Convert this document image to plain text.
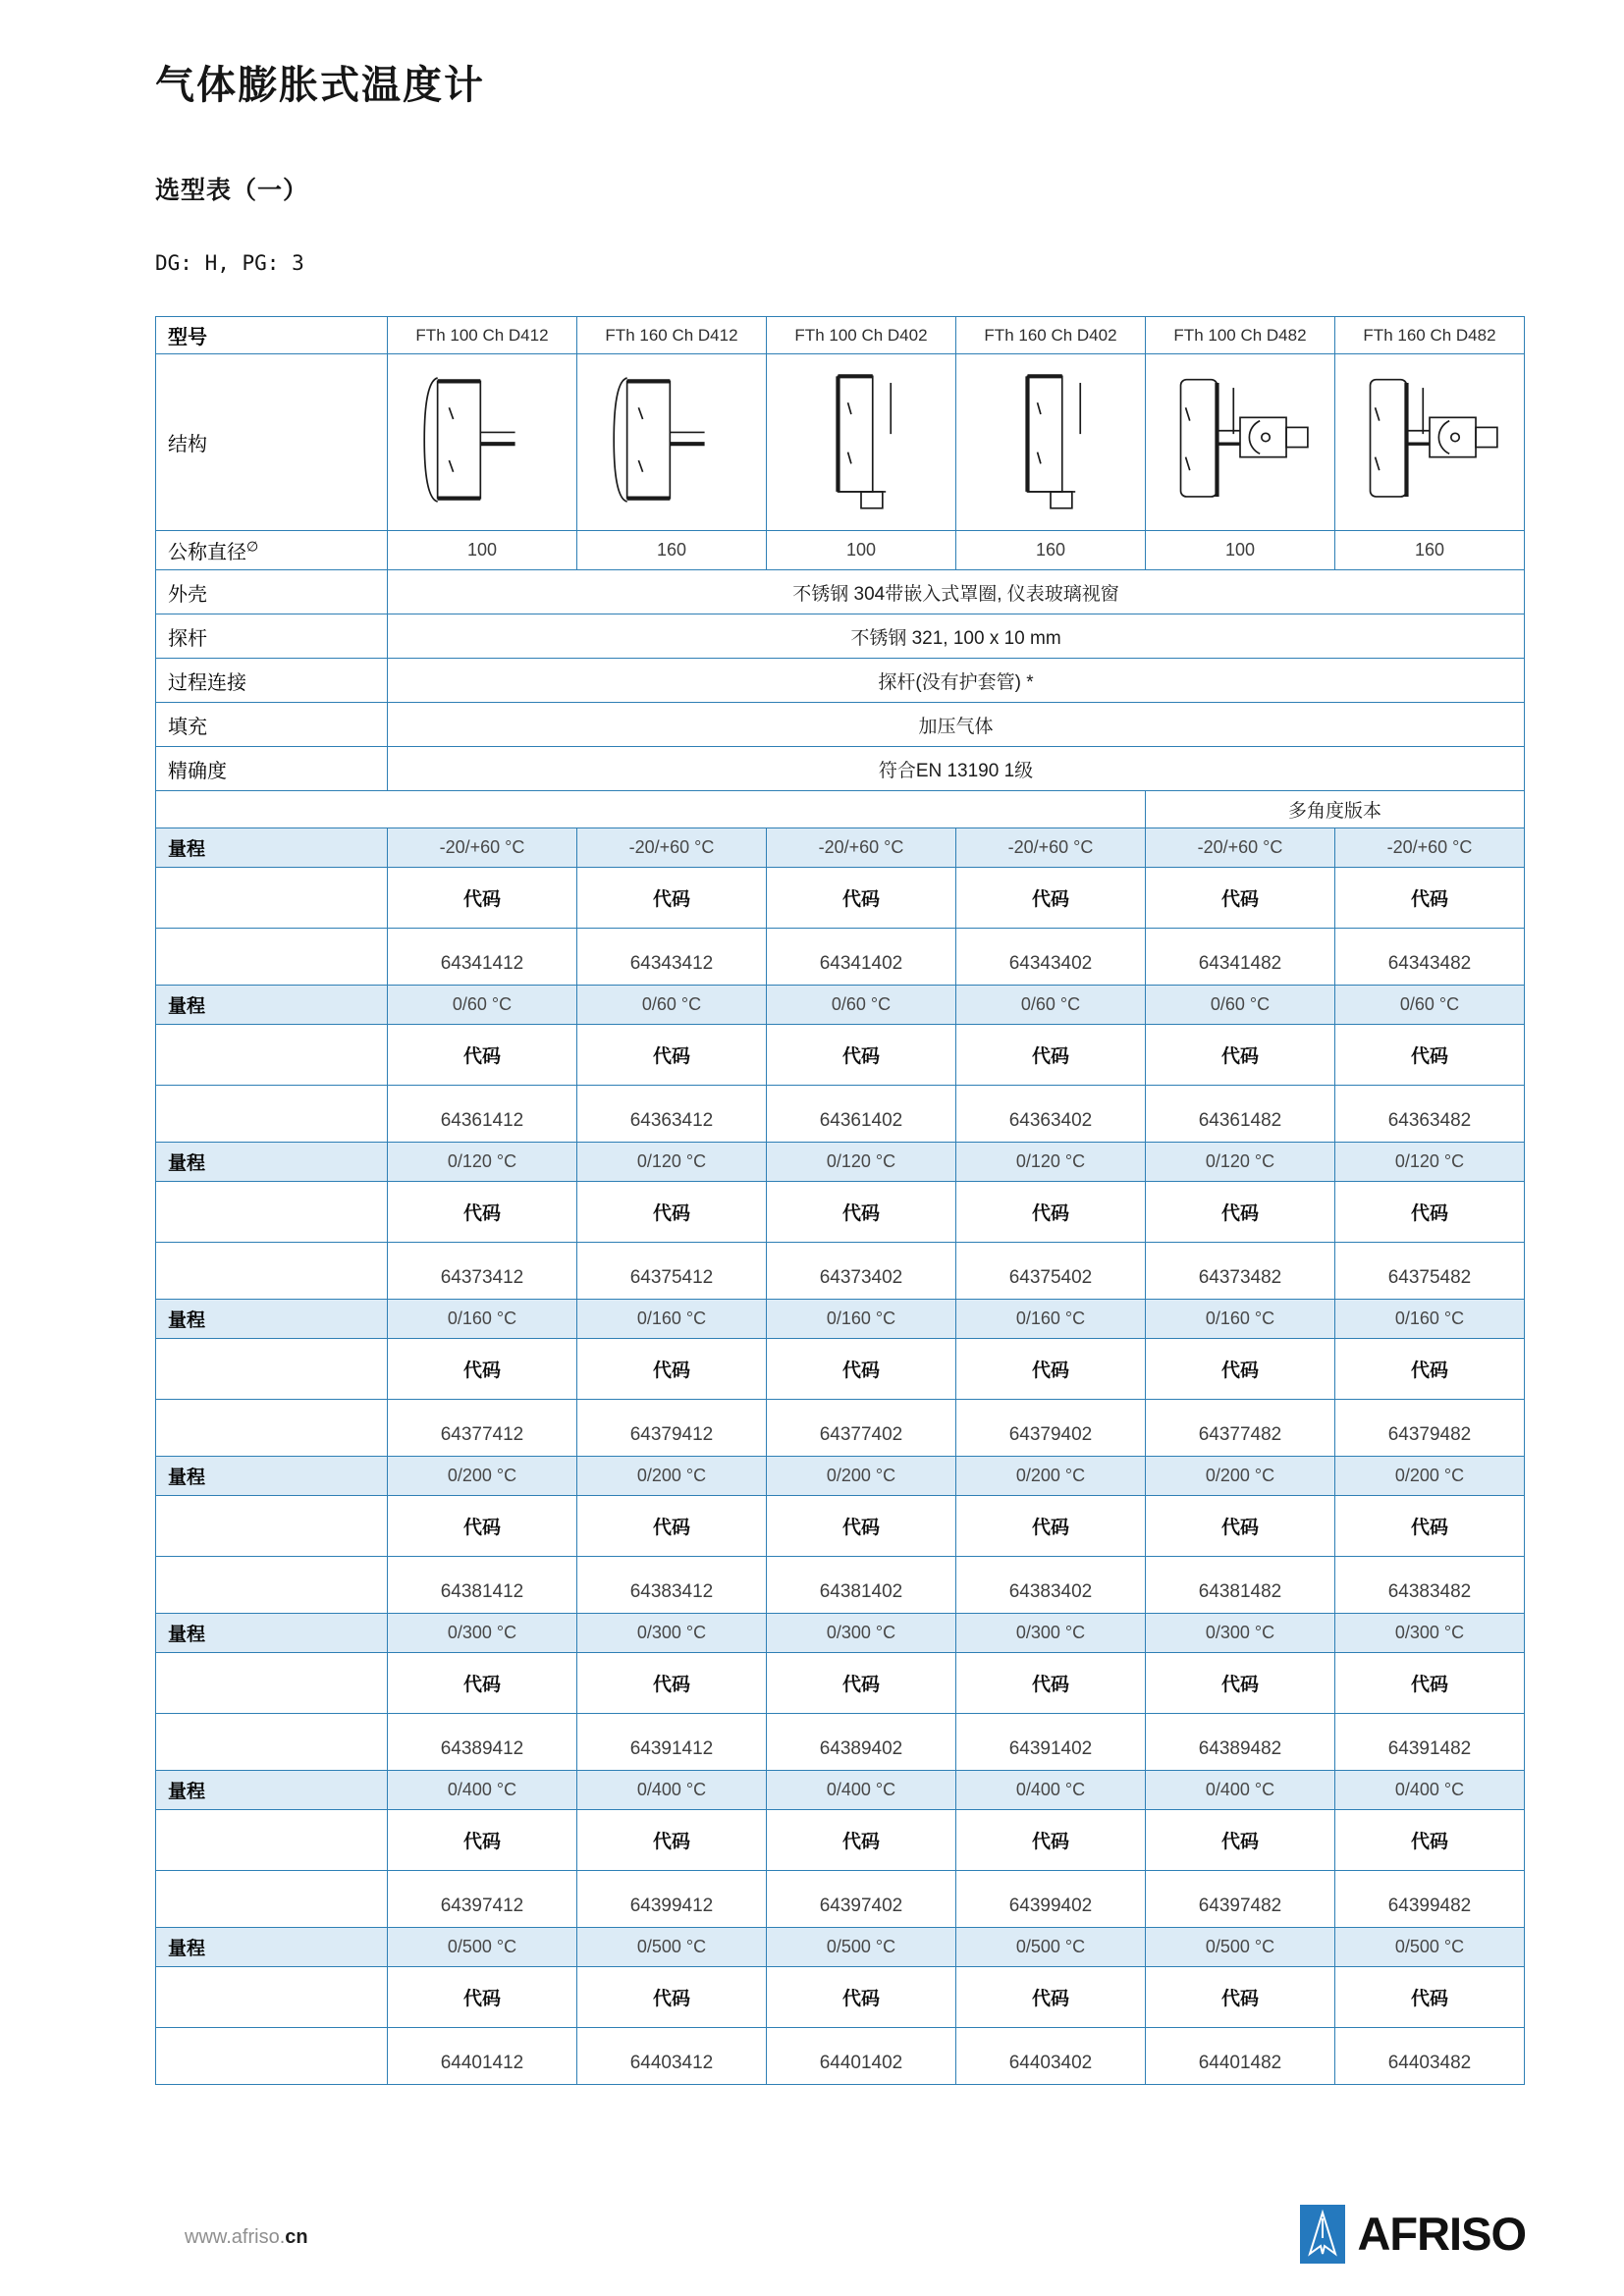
气体膨胀式温度计
选型表（一）
DG: H, PG: 3
型号	FTh 100 Ch D412	FTh 160 Ch D412	FTh 100 Ch D402	FTh 160 Ch D402	FTh 100 Ch D482	FTh 160 Ch D482
结构						
公称直径∅	100	160	100	160	100	160
外壳	不锈钢 304带嵌入式罩圈, 仪表玻璃视窗					
探杆	不锈钢 321, 100 x 10 mm					
过程连接	探杆(没有护套管) *					
填充	加压气体					
精确度	符合EN 13190 1级					
					多角度版本	
量程	-20/+60 °C	-20/+60 °C	-20/+60 °C	-20/+60 °C	-20/+60 °C	-20/+60 °C
	代码	代码	代码	代码	代码	代码
	64341412	64343412	64341402	64343402	64341482	64343482
量程	0/60 °C	0/60 °C	0/60 °C	0/60 °C	0/60 °C	0/60 °C
	代码	代码	代码	代码	代码	代码
	64361412	64363412	64361402	64363402	64361482	64363482
量程	0/120 °C	0/120 °C	0/120 °C	0/120 °C	0/120 °C	0/120 °C
	代码	代码	代码	代码	代码	代码
	64373412	64375412	64373402	64375402	64373482	64375482
量程	0/160 °C	0/160 °C	0/160 °C	0/160 °C	0/160 °C	0/160 °C
	代码	代码	代码	代码	代码	代码
	64377412	64379412	64377402	64379402	64377482	64379482
量程	0/200 °C	0/200 °C	0/200 °C	0/200 °C	0/200 °C	0/200 °C
	代码	代码	代码	代码	代码	代码
	64381412	64383412	64381402	64383402	64381482	64383482
量程	0/300 °C	0/300 °C	0/300 °C	0/300 °C	0/300 °C	0/300 °C
	代码	代码	代码	代码	代码	代码
	64389412	64391412	64389402	64391402	64389482	64391482
量程	0/400 °C	0/400 °C	0/400 °C	0/400 °C	0/400 °C	0/400 °C
	代码	代码	代码	代码	代码	代码
	64397412	64399412	64397402	64399402	64397482	64399482
量程	0/500 °C	0/500 °C	0/500 °C	0/500 °C	0/500 °C	0/500 °C
	代码	代码	代码	代码	代码	代码
	64401412	64403412	64401402	64403402	64401482	64403482
www.afriso.cn	AFRISO
